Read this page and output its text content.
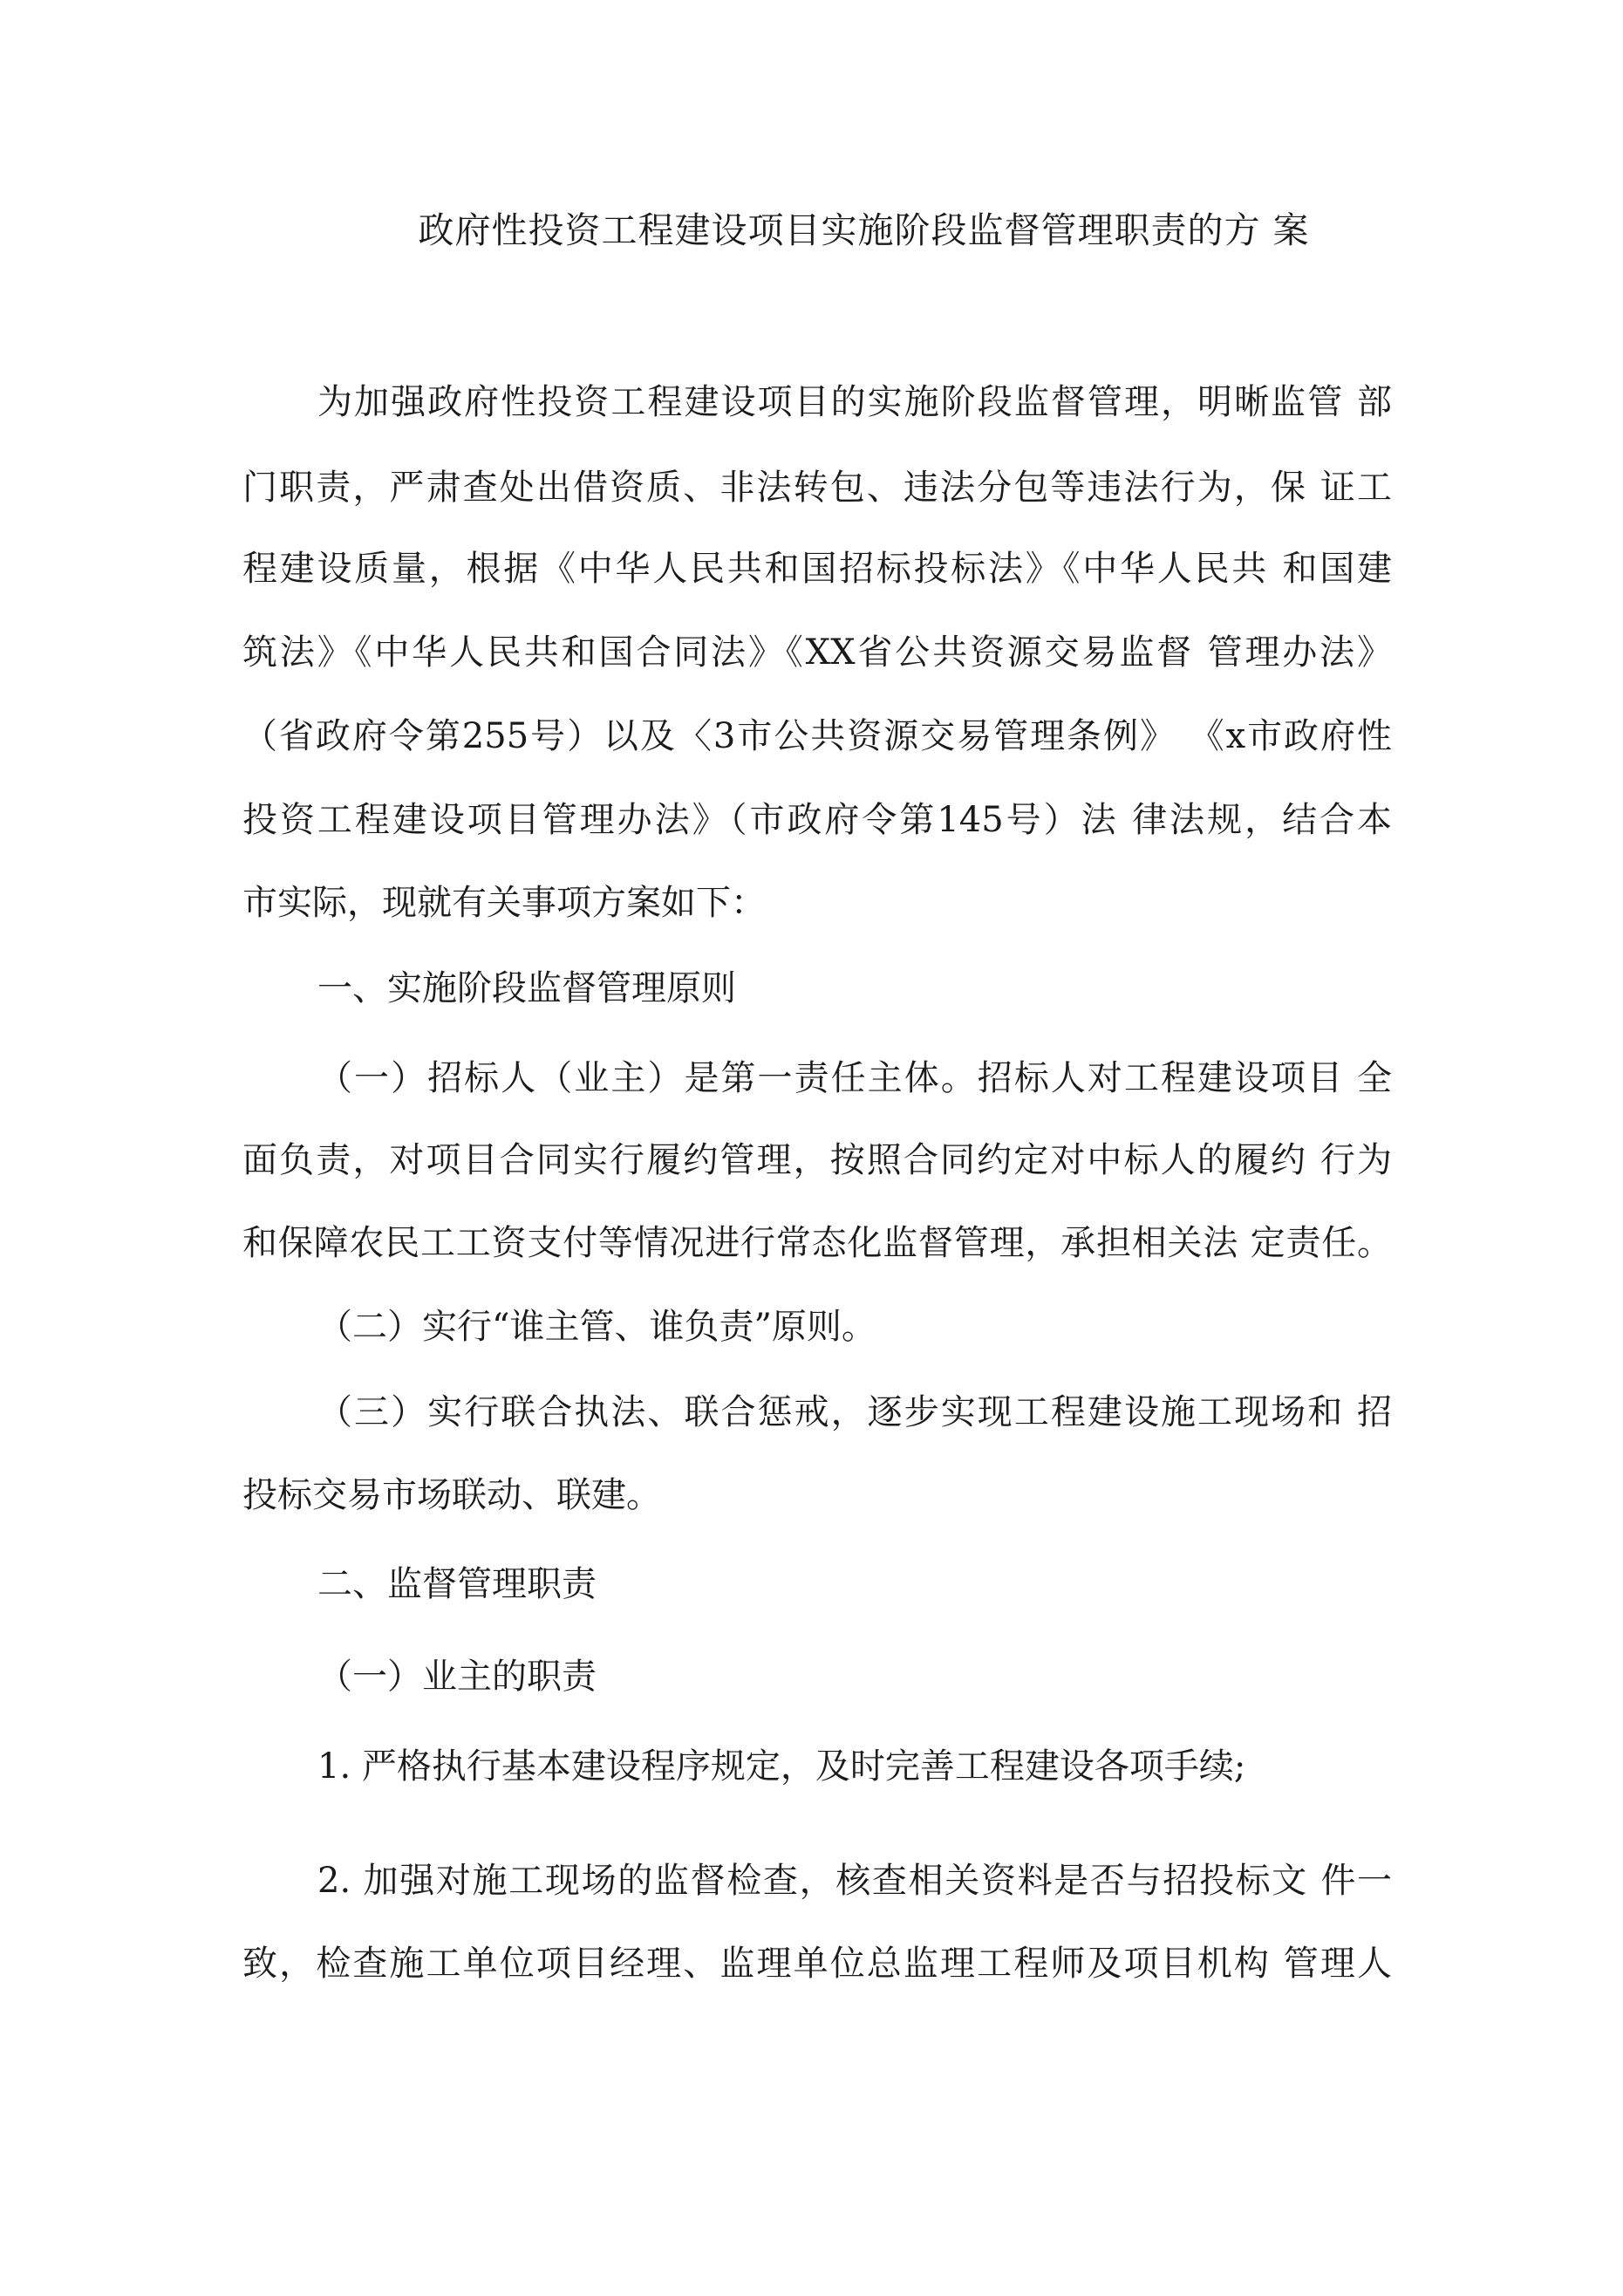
政府性投资工程建设项目实施阶段监督管理职责的方 案
为加强政府性投资工程建设项目的实施阶段监督管理，明晰监管 部
门职责，严肃查处出借资质、非法转包、违法分包等违法行为，保 证工
程建设质量，根据《中华人民共和国招标投标法》《中华人民共 和国建
筑法》《中华人民共和国合同法》《XX省公共资源交易监督 管理办法》
（省政府令第255号）以及〈3市公共资源交易管理条例》 《x市政府性
投资工程建设项目管理办法》（市政府令第145号）法 律法规，结合本
市实际，现就有关事项方案如下：
一、实施阶段监督管理原则
（一）招标人（业主）是第一责任主体。招标人对工程建设项目 全
面负责，对项目合同实行履约管理，按照合同约定对中标人的履约 行为
和保障农民工工资支付等情况进行常态化监督管理，承担相关法 定责任。
（二）实行“谁主管、谁负责”原则。
（三）实行联合执法、联合惩戒，逐步实现工程建设施工现场和 招
投标交易市场联动、联建。
二、监督管理职责
（一）业主的职责
1. 严格执行基本建设程序规定，及时完善工程建设各项手续;
2. 加强对施工现场的监督检查，核查相关资料是否与招投标文 件一
致，检查施工单位项目经理、监理单位总监理工程师及项目机构 管理人
